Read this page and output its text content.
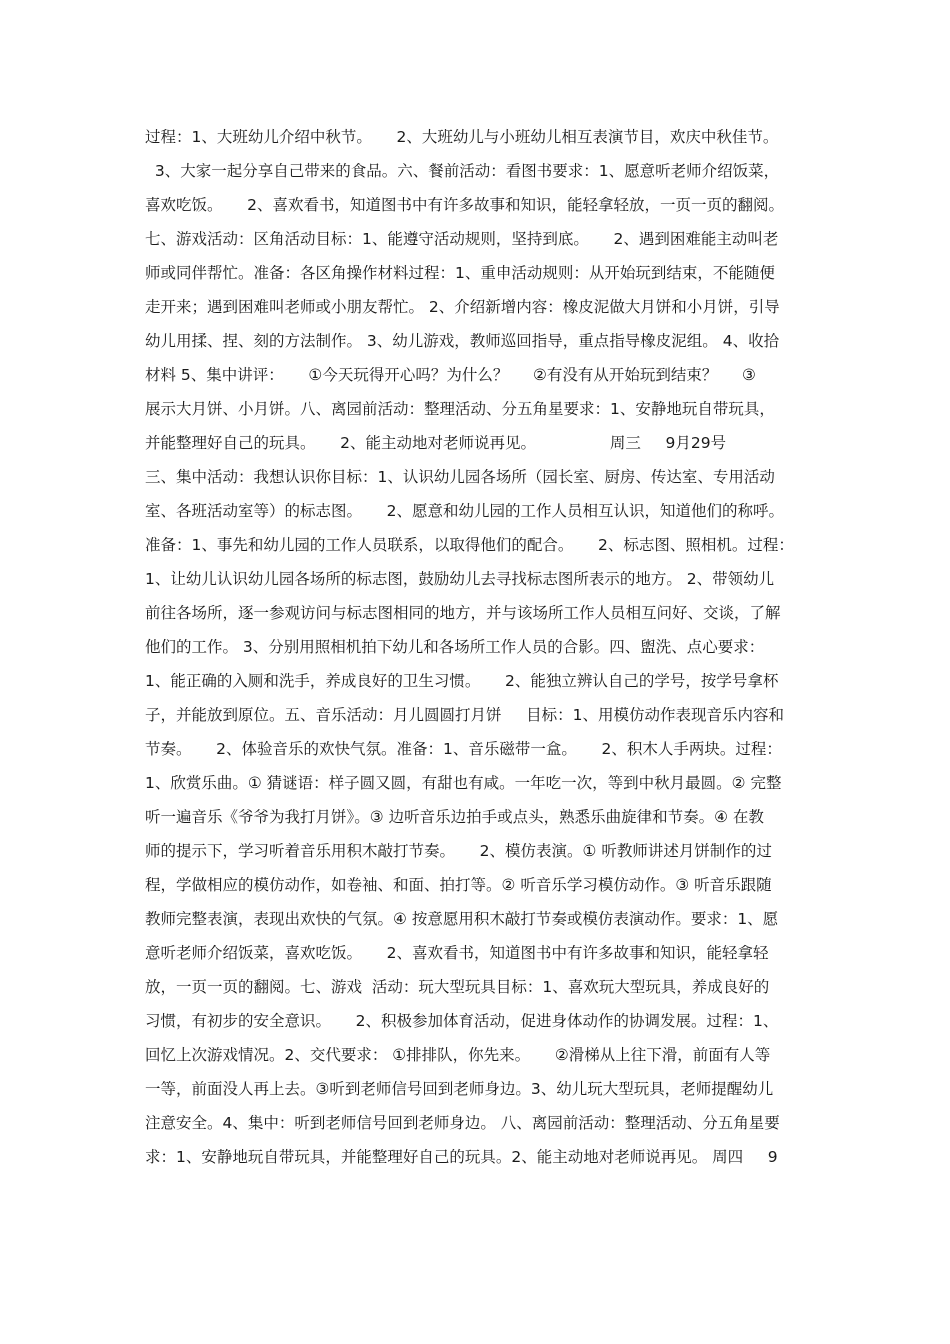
过程：1、大班幼儿介绍中秋节。     2、大班幼儿与小班幼儿相互表演节目，欢庆中秋佳节。
3、大家一起分享自己带来的食品。六、餐前活动：看图书要求：1、愿意听老师介绍饭菜，
喜欢吃饭。     2、喜欢看书，知道图书中有许多故事和知识，能轻拿轻放，一页一页的翻阅。
七、游戏活动：区角活动目标：1、能遵守活动规则，坚持到底。     2、遇到困难能主动叫老
师或同伴帮忙。准备：各区角操作材料过程：1、重申活动规则：从开始玩到结束，不能随便
走开来；遇到困难叫老师或小朋友帮忙。 2、介绍新增内容：橡皮泥做大月饼和小月饼，引导
幼儿用揉、捏、刻的方法制作。 3、幼儿游戏，教师巡回指导，重点指导橡皮泥组。 4、收拾
材料 5、集中讲评：     ①今天玩得开心吗？为什么？     ②有没有从开始玩到结束？     ③
展示大月饼、小月饼。八、离园前活动：整理活动、分五角星要求：1、安静地玩自带玩具，
并能整理好自己的玩具。     2、能主动地对老师说再见。               周三     9月29号
三、集中活动：我想认识你目标：1、认识幼儿园各场所（园长室、厨房、传达室、专用活动
室、各班活动室等）的标志图。     2、愿意和幼儿园的工作人员相互认识，知道他们的称呼。
准备：1、事先和幼儿园的工作人员联系，以取得他们的配合。     2、标志图、照相机。过程：
1、让幼儿认识幼儿园各场所的标志图，鼓励幼儿去寻找标志图所表示的地方。 2、带领幼儿
前往各场所，逐一参观访问与标志图相同的地方，并与该场所工作人员相互问好、交谈，了解
他们的工作。 3、分别用照相机拍下幼儿和各场所工作人员的合影。四、盥洗、点心要求：
1、能正确的入厕和洗手，养成良好的卫生习惯。     2、能独立辨认自己的学号，按学号拿杯
子，并能放到原位。五、音乐活动：月儿圆圆打月饼     目标：1、用模仿动作表现音乐内容和
节奏。     2、体验音乐的欢快气氛。准备：1、音乐磁带一盒。     2、积木人手两块。过程：
1、欣赏乐曲。① 猜谜语：样子圆又圆，有甜也有咸。一年吃一次，等到中秋月最圆。② 完整
听一遍音乐《爷爷为我打月饼》。③ 边听音乐边拍手或点头，熟悉乐曲旋律和节奏。④ 在教
师的提示下，学习听着音乐用积木敲打节奏。     2、模仿表演。① 听教师讲述月饼制作的过
程，学做相应的模仿动作，如卷袖、和面、拍打等。② 听音乐学习模仿动作。③ 听音乐跟随
教师完整表演，表现出欢快的气氛。④ 按意愿用积木敲打节奏或模仿表演动作。要求：1、愿
意听老师介绍饭菜，喜欢吃饭。     2、喜欢看书，知道图书中有许多故事和知识，能轻拿轻
放，一页一页的翻阅。七、游戏  活动：玩大型玩具目标：1、喜欢玩大型玩具，养成良好的
习惯，有初步的安全意识。     2、积极参加体育活动，促进身体动作的协调发展。过程：1、
回忆上次游戏情况。2、交代要求： ①排排队，你先来。     ②滑梯从上往下滑，前面有人等
一等，前面没人再上去。③听到老师信号回到老师身边。3、幼儿玩大型玩具，老师提醒幼儿
注意安全。4、集中：听到老师信号回到老师身边。 八、离园前活动：整理活动、分五角星要
求：1、安静地玩自带玩具，并能整理好自己的玩具。2、能主动地对老师说再见。 周四     9
